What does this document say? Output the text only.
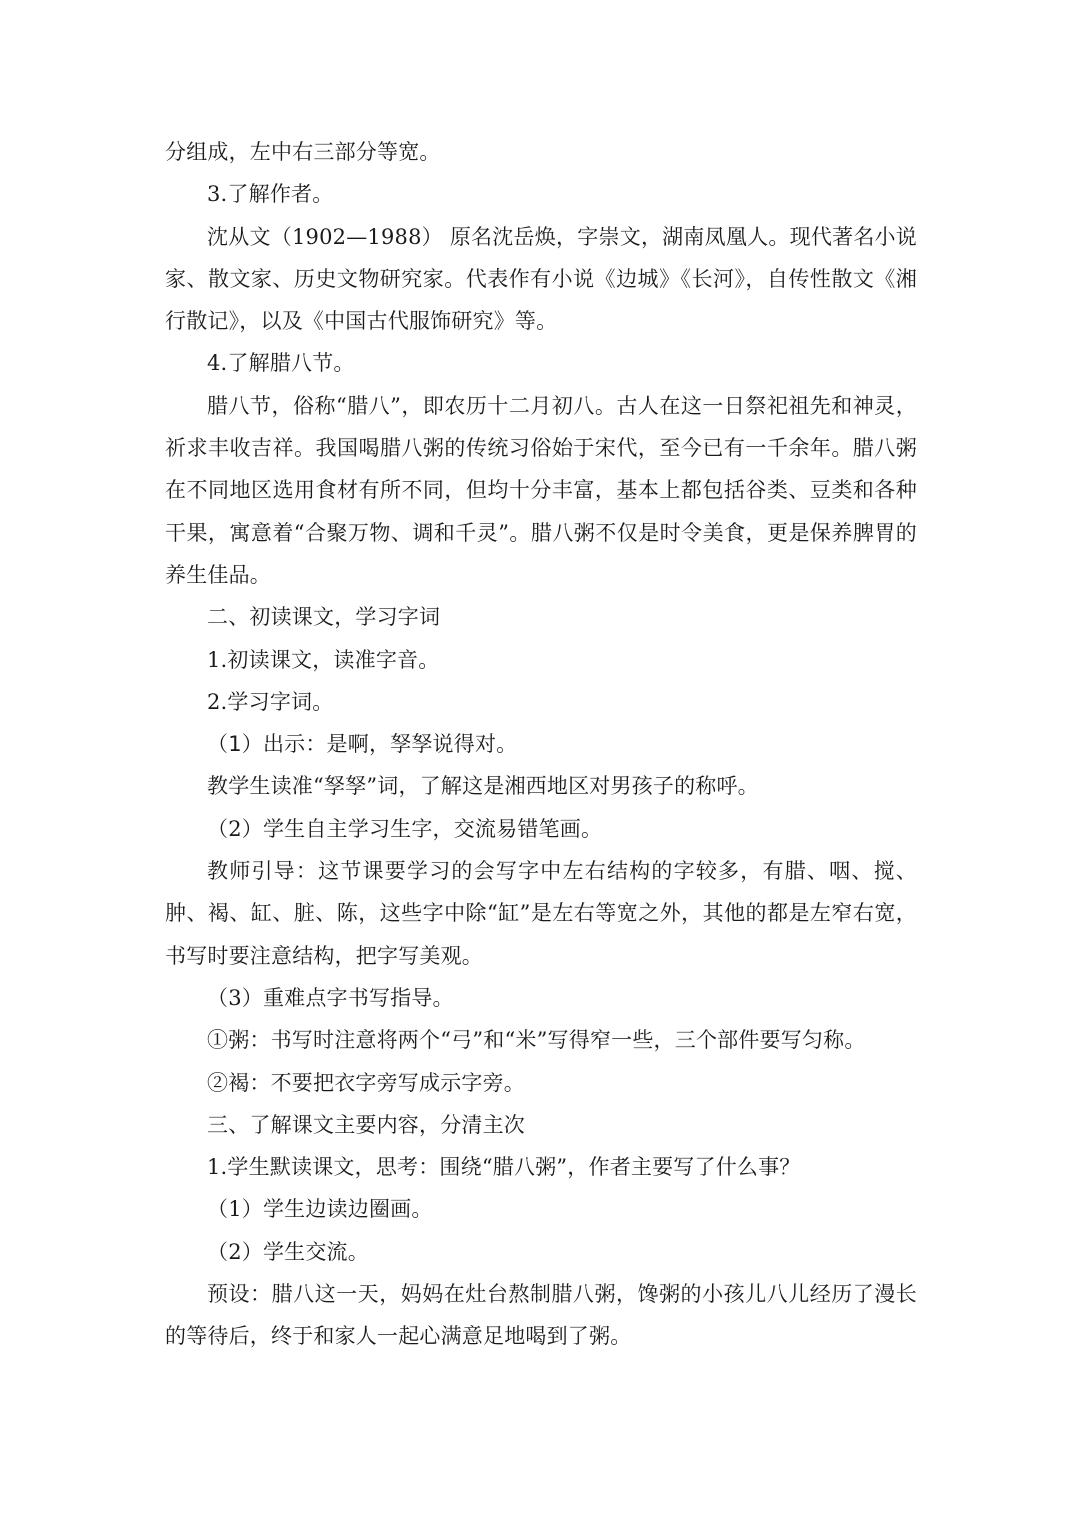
分组成，左中右三部分等宽。

3.了解作者。

沈从文（1902—1988） 原名沈岳焕，字崇文，湖南凤凰人。现代著名小说家、散文家、历史文物研究家。代表作有小说《边城》《长河》，自传性散文《湘行散记》，以及《中国古代服饰研究》等。

4.了解腊八节。

腊八节，俗称“腊八”，即农历十二月初八。古人在这一日祭祀祖先和神灵，祈求丰收吉祥。我国喝腊八粥的传统习俗始于宋代，至今已有一千余年。腊八粥在不同地区选用食材有所不同，但均十分丰富，基本上都包括谷类、豆类和各种干果，寓意着“合聚万物、调和千灵”。腊八粥不仅是时令美食，更是保养脾胃的养生佳品。

二、初读课文，学习字词

1.初读课文，读准字音。

2.学习字词。

（1）出示：是啊，孥孥说得对。

教学生读准“孥孥”词，了解这是湘西地区对男孩子的称呼。

（2）学生自主学习生字，交流易错笔画。

教师引导：这节课要学习的会写字中左右结构的字较多，有腊、咽、搅、肿、褐、缸、脏、陈，这些字中除“缸”是左右等宽之外，其他的都是左窄右宽，书写时要注意结构，把字写美观。

（3）重难点字书写指导。

①粥：书写时注意将两个“弓”和“米”写得窄一些，三个部件要写匀称。

②褐：不要把衣字旁写成示字旁。

三、了解课文主要内容，分清主次

1.学生默读课文，思考：围绕“腊八粥”，作者主要写了什么事？

（1）学生边读边圈画。

（2）学生交流。

预设：腊八这一天，妈妈在灶台熬制腊八粥，馋粥的小孩儿八儿经历了漫长的等待后，终于和家人一起心满意足地喝到了粥。
